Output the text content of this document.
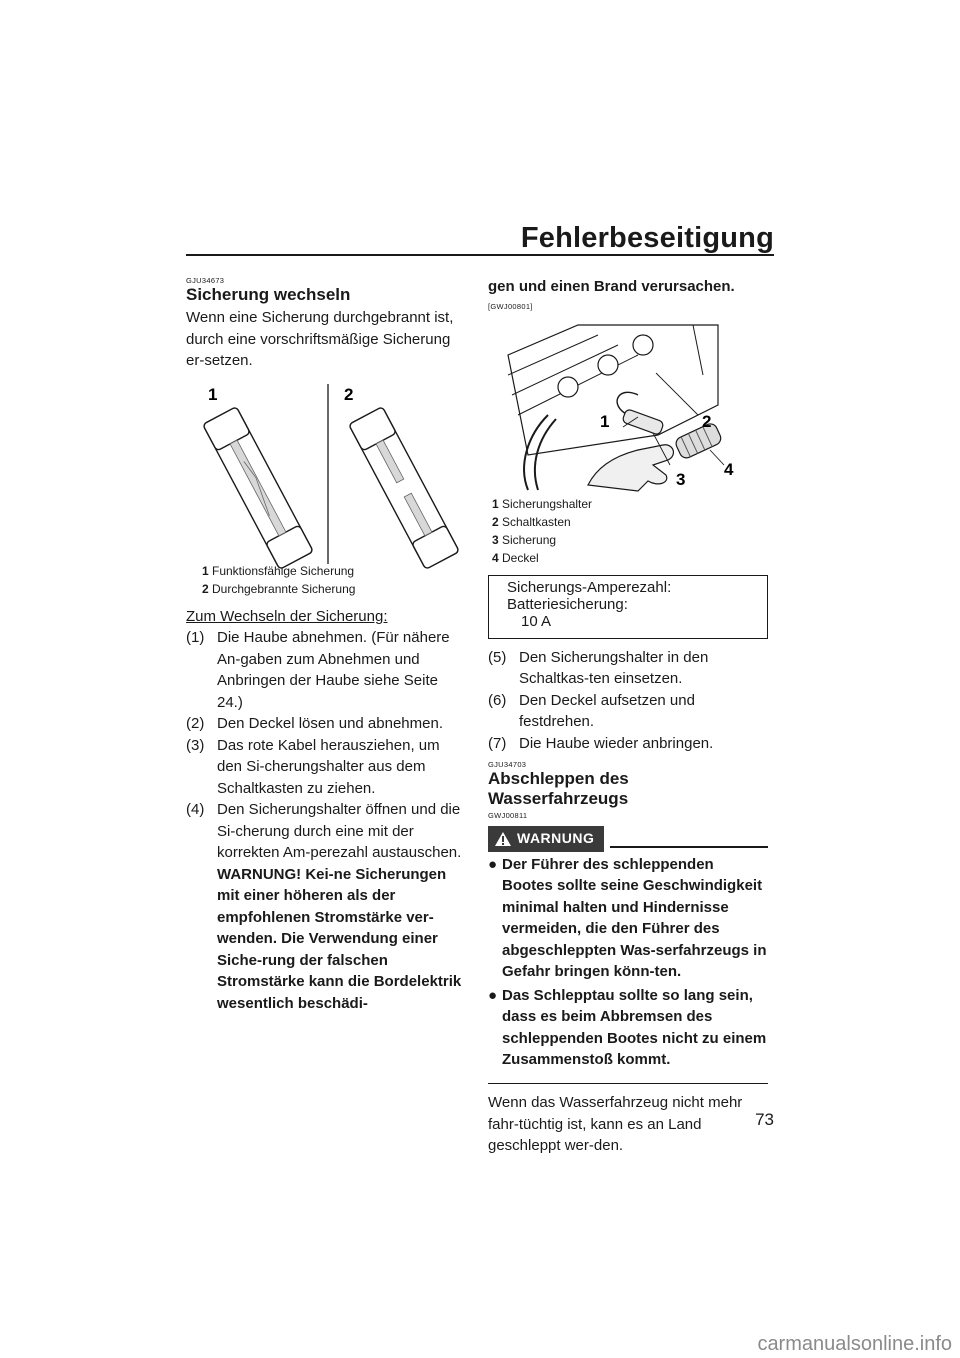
Fehlerbeseitigung
GJU34673
Sicherung wechseln

Wenn eine Sicherung durchgebrannt ist, durch eine vorschriftsmäßige Sicherung er-setzen.

1	2
1 Funktionsfähige Sicherung
2 Durchgebrannte Sicherung

Zum Wechseln der Sicherung:

(1) Die Haube abnehmen. (Für nähere An-gaben zum Abnehmen und Anbringen der Haube siehe Seite 24.)
(2) Den Deckel lösen und abnehmen.
(3) Das rote Kabel herausziehen, um den Si-cherungshalter aus dem Schaltkasten zu ziehen.
(4) Den Sicherungshalter öffnen und die Si-cherung durch eine mit der korrekten Am-perezahl austauschen. WARNUNG! Kei-ne Sicherungen mit einer höheren als der empfohlenen Stromstärke ver-wenden. Die Verwendung einer Siche-rung der falschen Stromstärke kann die Bordelektrik wesentlich beschädi-

gen und einen Brand verursachen.

[GWJ00801]
1	2
3
4
1 Sicherungshalter
2 Schaltkasten
3 Sicherung
4 Deckel
Sicherungs-Amperezahl:
Batteriesicherung:
10 A
(5) Den Sicherungshalter in den Schaltkas-ten einsetzen.
(6) Den Deckel aufsetzen und festdrehen.
(7) Die Haube wieder anbringen.
GJU34703
Abschleppen des Wasserfahrzeugs
GWJ00811
WARNUNG
● Der Führer des schleppenden Bootes sollte seine Geschwindigkeit minimal halten und Hindernisse vermeiden, die den Führer des abgeschleppten Was-serfahrzeugs in Gefahr bringen könn-ten.
● Das Schlepptau sollte so lang sein, dass es beim Abbremsen des schleppenden Bootes nicht zu einem Zusammenstoß kommt.

Wenn das Wasserfahrzeug nicht mehr fahr-tüchtig ist, kann es an Land geschleppt wer-den.

73
carmanualsonline.info
